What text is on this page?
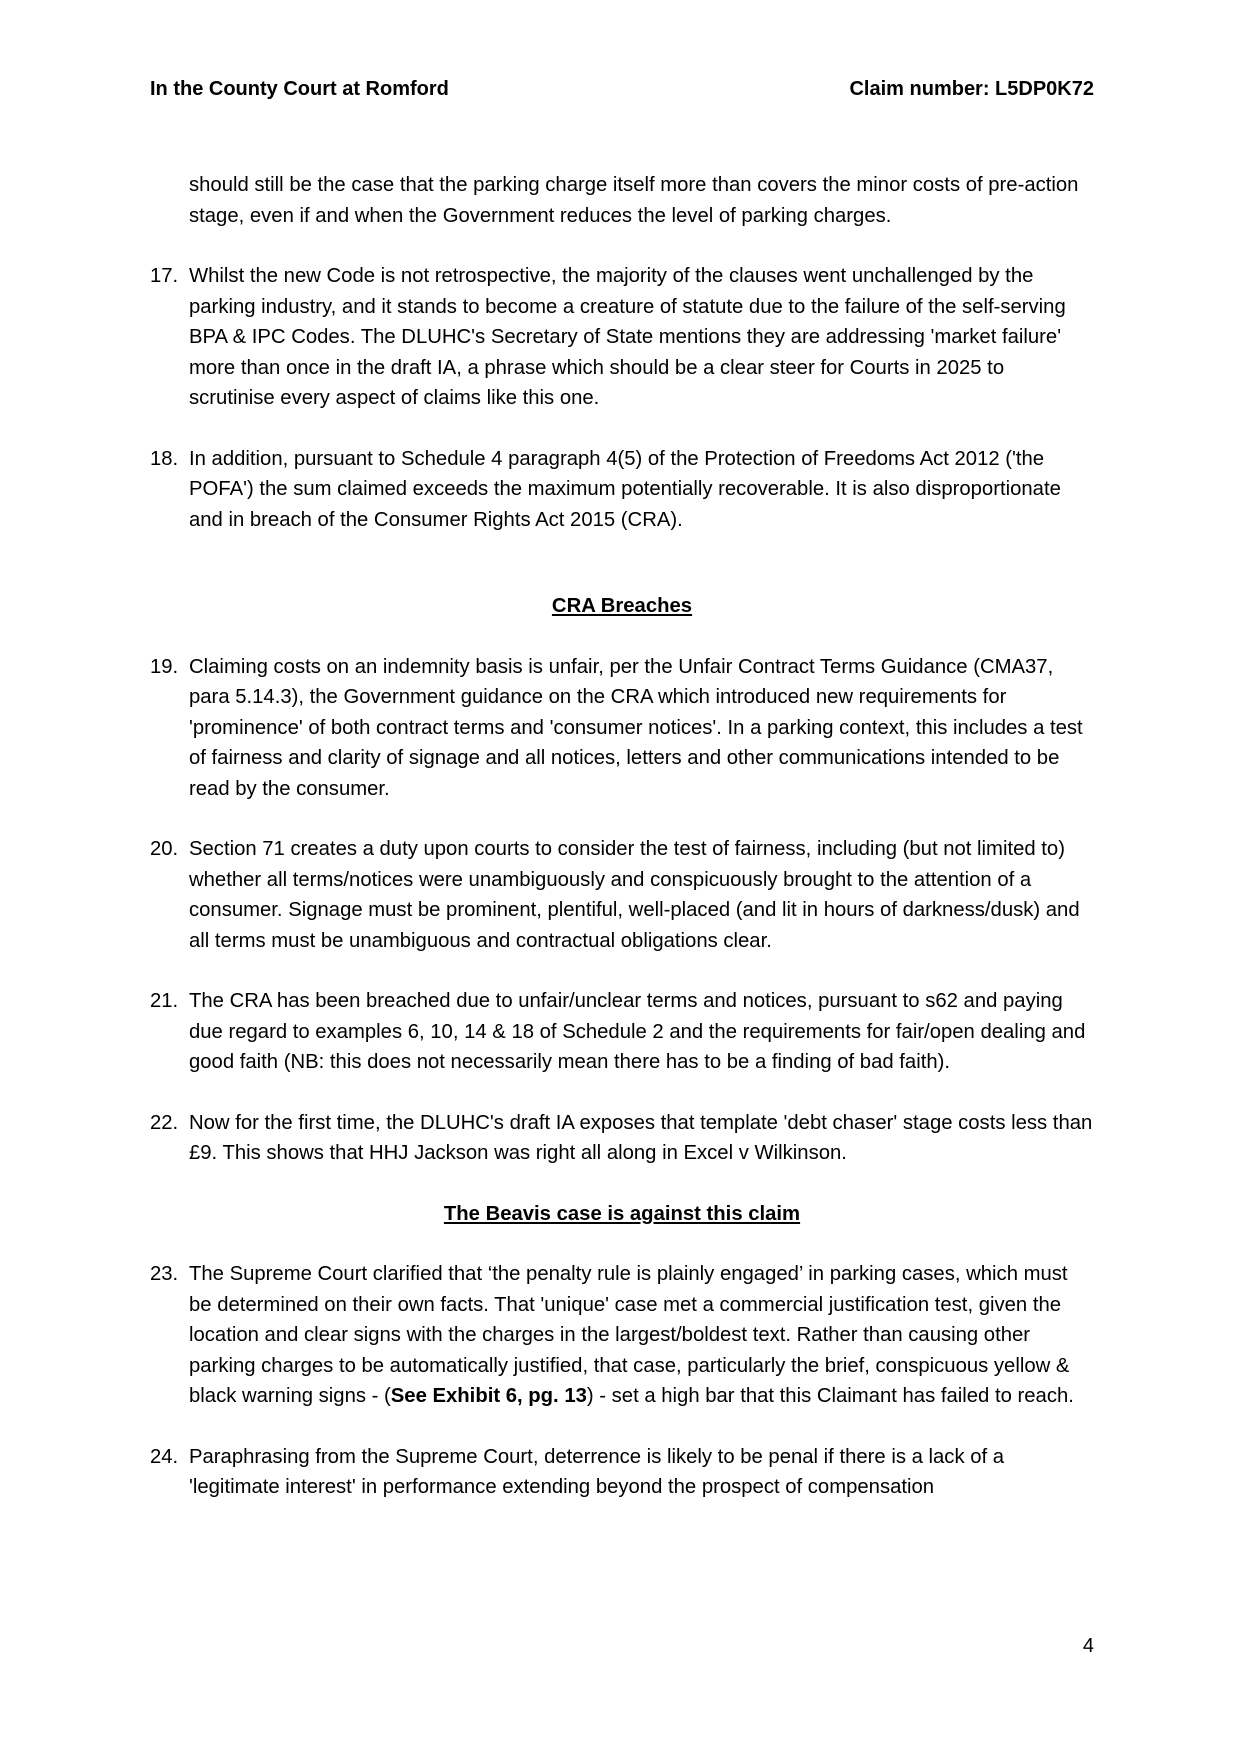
In the County Court at Romford	Claim number: L5DP0K72

should still be the case that the parking charge itself more than covers the minor costs of pre-action stage, even if and when the Government reduces the level of parking charges.

17. Whilst the new Code is not retrospective, the majority of the clauses went unchallenged by the parking industry, and it stands to become a creature of statute due to the failure of the self-serving BPA & IPC Codes. The DLUHC's Secretary of State mentions they are addressing 'market failure' more than once in the draft IA, a phrase which should be a clear steer for Courts in 2025 to scrutinise every aspect of claims like this one.
18. In addition, pursuant to Schedule 4 paragraph 4(5) of the Protection of Freedoms Act 2012 ('the POFA') the sum claimed exceeds the maximum potentially recoverable. It is also disproportionate and in breach of the Consumer Rights Act 2015 (CRA).
CRA Breaches
19. Claiming costs on an indemnity basis is unfair, per the Unfair Contract Terms Guidance (CMA37, para 5.14.3), the Government guidance on the CRA which introduced new requirements for 'prominence' of both contract terms and 'consumer notices'. In a parking context, this includes a test of fairness and clarity of signage and all notices, letters and other communications intended to be read by the consumer.
20. Section 71 creates a duty upon courts to consider the test of fairness, including (but not limited to) whether all terms/notices were unambiguously and conspicuously brought to the attention of a consumer. Signage must be prominent, plentiful, well-placed (and lit in hours of darkness/dusk) and all terms must be unambiguous and contractual obligations clear.
21. The CRA has been breached due to unfair/unclear terms and notices, pursuant to s62 and paying due regard to examples 6, 10, 14 & 18 of Schedule 2 and the requirements for fair/open dealing and good faith (NB: this does not necessarily mean there has to be a finding of bad faith).
22. Now for the first time, the DLUHC's draft IA exposes that template 'debt chaser' stage costs less than £9. This shows that HHJ Jackson was right all along in Excel v Wilkinson.
The Beavis case is against this claim
23. The Supreme Court clarified that ‘the penalty rule is plainly engaged’ in parking cases, which must be determined on their own facts. That 'unique' case met a commercial justification test, given the location and clear signs with the charges in the largest/boldest text. Rather than causing other parking charges to be automatically justified, that case, particularly the brief, conspicuous yellow & black warning signs - (See Exhibit 6, pg. 13) - set a high bar that this Claimant has failed to reach.
24. Paraphrasing from the Supreme Court, deterrence is likely to be penal if there is a lack of a 'legitimate interest' in performance extending beyond the prospect of compensation
4
